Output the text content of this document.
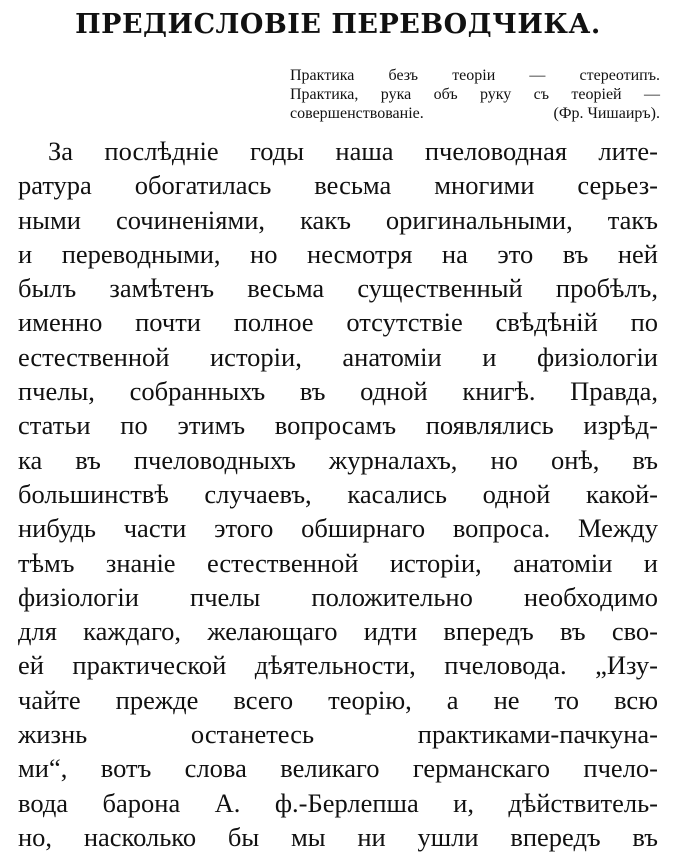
ПРЕДИСЛОВIЕ ПЕРЕВОДЧИКА.
Практика безъ теорiи — стереотипъ.
Практика, рука объ руку съ теорiей —
совершенствованiе.	(Фр. Чишаиръ).
За послѣднiе годы наша пчеловодная лите-
ратура обогатилась весьма многими серьез-
ными сочиненiями, какъ оригинальными, такъ
и переводными, но несмотря на это въ ней
былъ замѣтенъ весьма существенный пробѣлъ,
именно почти полное отсутствiе свѣдѣнiй по
естественной исторiи, анатомiи и физiологiи
пчелы, собранныхъ въ одной книгѣ. Правда,
статьи по этимъ вопросамъ появлялись изрѣд-
ка въ пчеловодныхъ журналахъ, но онѣ, въ
большинствѣ случаевъ, касались одной какой-
нибудь части этого обширнаго вопроса. Между
тѣмъ знанiе естественной исторiи, анатомiи и
физiологiи пчелы положительно необходимо
для каждаго, желающаго идти впередъ въ сво-
ей практической дѣятельности, пчеловода. „Изу-
чайте прежде всего теорiю, а не то всю
жизнь останетесь практиками-пачкуна-
ми“, вотъ слова великаго германскаго пчело-
вода барона А. ф.-Берлепша и, дѣйствитель-
но, насколько бы мы ни ушли впередъ въ
